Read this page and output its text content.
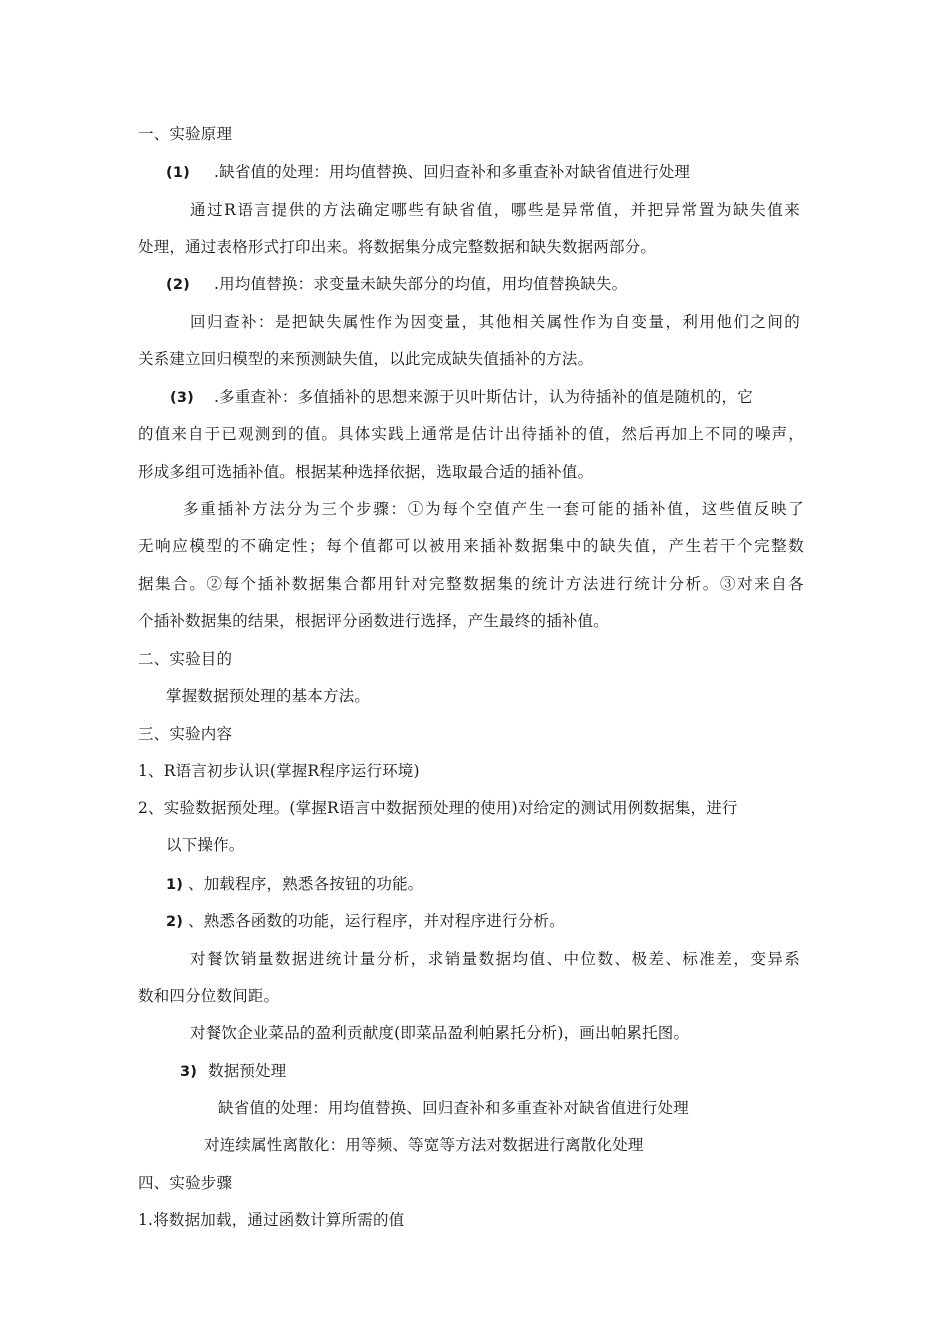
一、实验原理
(1) .缺省值的处理：用均值替换、回归查补和多重查补对缺省值进行处理
通过R语言提供的方法确定哪些有缺省值，哪些是异常值，并把异常置为缺失值来
处理，通过表格形式打印出来。将数据集分成完整数据和缺失数据两部分。
(2) .用均值替换：求变量未缺失部分的均值，用均值替换缺失。
回归查补：是把缺失属性作为因变量，其他相关属性作为自变量，利用他们之间的
关系建立回归模型的来预测缺失值，以此完成缺失值插补的方法。
(3) .多重查补：多值插补的思想来源于贝叶斯估计，认为待插补的值是随机的，它
的值来自于已观测到的值。具体实践上通常是估计出待插补的值，然后再加上不同的噪声，
形成多组可选插补值。根据某种选择依据，选取最合适的插补值。
多重插补方法分为三个步骤：①为每个空值产生一套可能的插补值，这些值反映了
无响应模型的不确定性；每个值都可以被用来插补数据集中的缺失值，产生若干个完整数
据集合。②每个插补数据集合都用针对完整数据集的统计方法进行统计分析。③对来自各
个插补数据集的结果，根据评分函数进行选择，产生最终的插补值。
二、实验目的
掌握数据预处理的基本方法。
三、实验内容
1、R语言初步认识(掌握R程序运行环境)
2、实验数据预处理。(掌握R语言中数据预处理的使用)对给定的测试用例数据集，进行
以下操作。
1) 、加载程序，熟悉各按钮的功能。
2) 、熟悉各函数的功能，运行程序，并对程序进行分析。
对餐饮销量数据进统计量分析，求销量数据均值、中位数、极差、标准差，变异系
数和四分位数间距。
对餐饮企业菜品的盈利贡献度(即菜品盈利帕累托分析)，画出帕累托图。
3) 数据预处理
缺省值的处理：用均值替换、回归查补和多重查补对缺省值进行处理
对连续属性离散化：用等频、等宽等方法对数据进行离散化处理
四、实验步骤
1.将数据加载，通过函数计算所需的值
